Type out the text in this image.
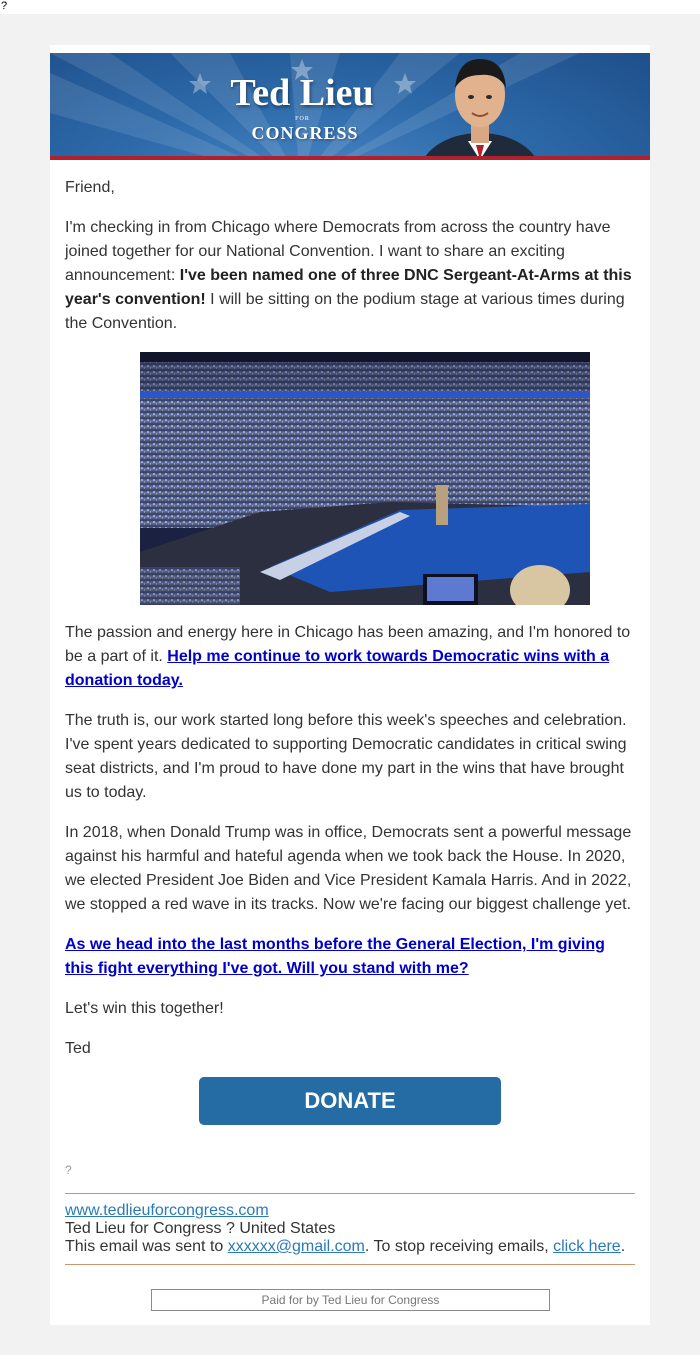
?
Ted Lieu
FOR
CONGRESS

Friend,

I'm checking in from Chicago where Democrats from across the country have joined together for our National Convention. I want to share an exciting announcement: I've been named one of three DNC Sergeant-At-Arms at this year's convention! I will be sitting on the podium stage at various times during the Convention.

The passion and energy here in Chicago has been amazing, and I'm honored to be a part of it. Help me continue to work towards Democratic wins with a donation today.

The truth is, our work started long before this week's speeches and celebration. I've spent years dedicated to supporting Democratic candidates in critical swing seat districts, and I'm proud to have done my part in the wins that have brought us to today.

In 2018, when Donald Trump was in office, Democrats sent a powerful message against his harmful and hateful agenda when we took back the House. In 2020, we elected President Joe Biden and Vice President Kamala Harris. And in 2022, we stopped a red wave in its tracks. Now we're facing our biggest challenge yet.

As we head into the last months before the General Election, I'm giving this fight everything I've got. Will you stand with me?

Let's win this together!

Ted

DONATE
?
www.tedlieuforcongress.com
Ted Lieu for Congress ? United States
This email was sent to xxxxxx@gmail.com. To stop receiving emails, click here.
Paid for by Ted Lieu for Congress
